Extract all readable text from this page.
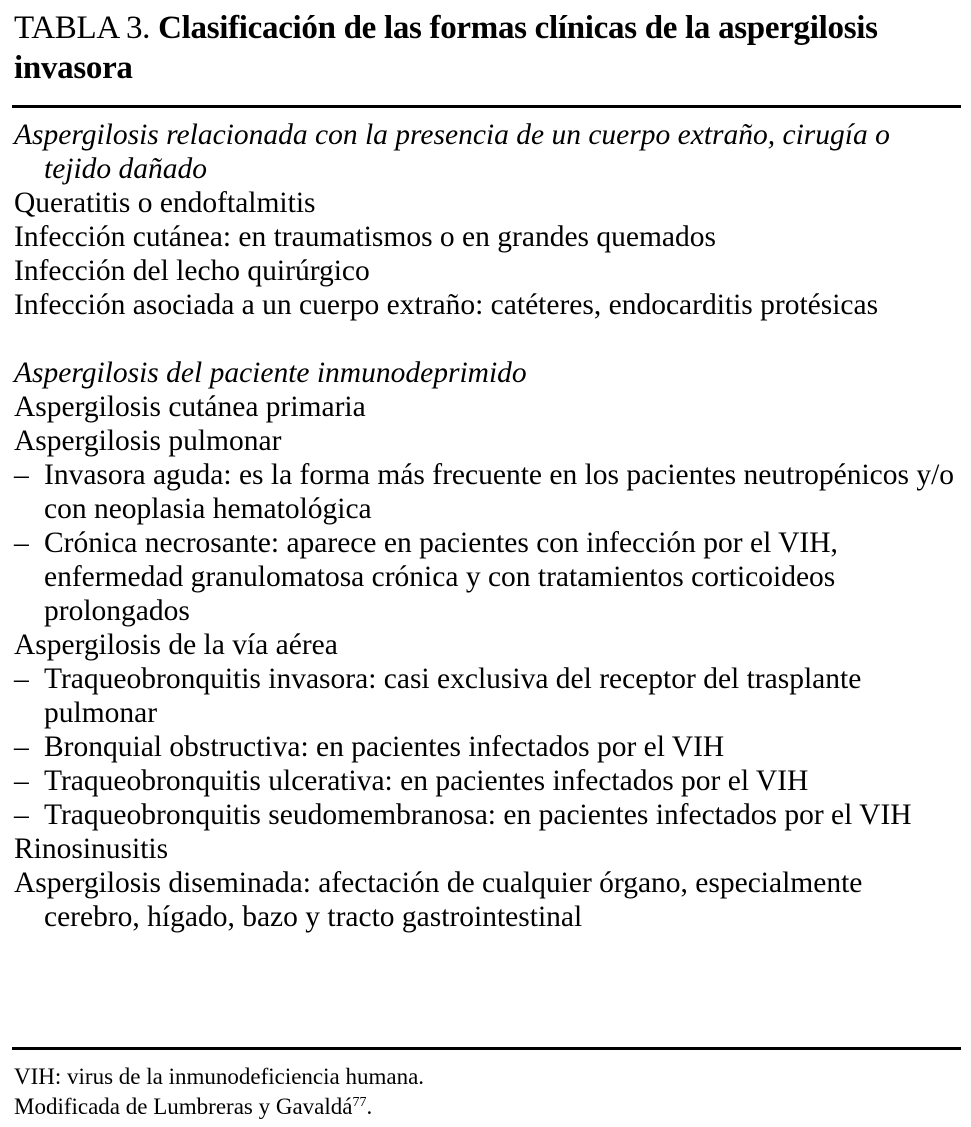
TABLA 3. Clasificación de las formas clínicas de la aspergilosis invasora
Aspergilosis relacionada con la presencia de un cuerpo extraño, cirugía o tejido dañado
Queratitis o endoftalmitis
Infección cutánea: en traumatismos o en grandes quemados
Infección del lecho quirúrgico
Infección asociada a un cuerpo extraño: catéteres, endocarditis protésicas
Aspergilosis del paciente inmunodeprimido
Aspergilosis cutánea primaria
Aspergilosis pulmonar
– Invasora aguda: es la forma más frecuente en los pacientes neutropénicos y/o con neoplasia hematológica
– Crónica necrosante: aparece en pacientes con infección por el VIH, enfermedad granulomatosa crónica y con tratamientos corticoideos prolongados
Aspergilosis de la vía aérea
– Traqueobronquitis invasora: casi exclusiva del receptor del trasplante pulmonar
– Bronquial obstructiva: en pacientes infectados por el VIH
– Traqueobronquitis ulcerativa: en pacientes infectados por el VIH
– Traqueobronquitis seudomembranosa: en pacientes infectados por el VIH
Rinosinusitis
Aspergilosis diseminada: afectación de cualquier órgano, especialmente cerebro, hígado, bazo y tracto gastrointestinal

VIH: virus de la inmunodeficiencia humana.

Modificada de Lumbreras y Gavaldá$^{77}$.
